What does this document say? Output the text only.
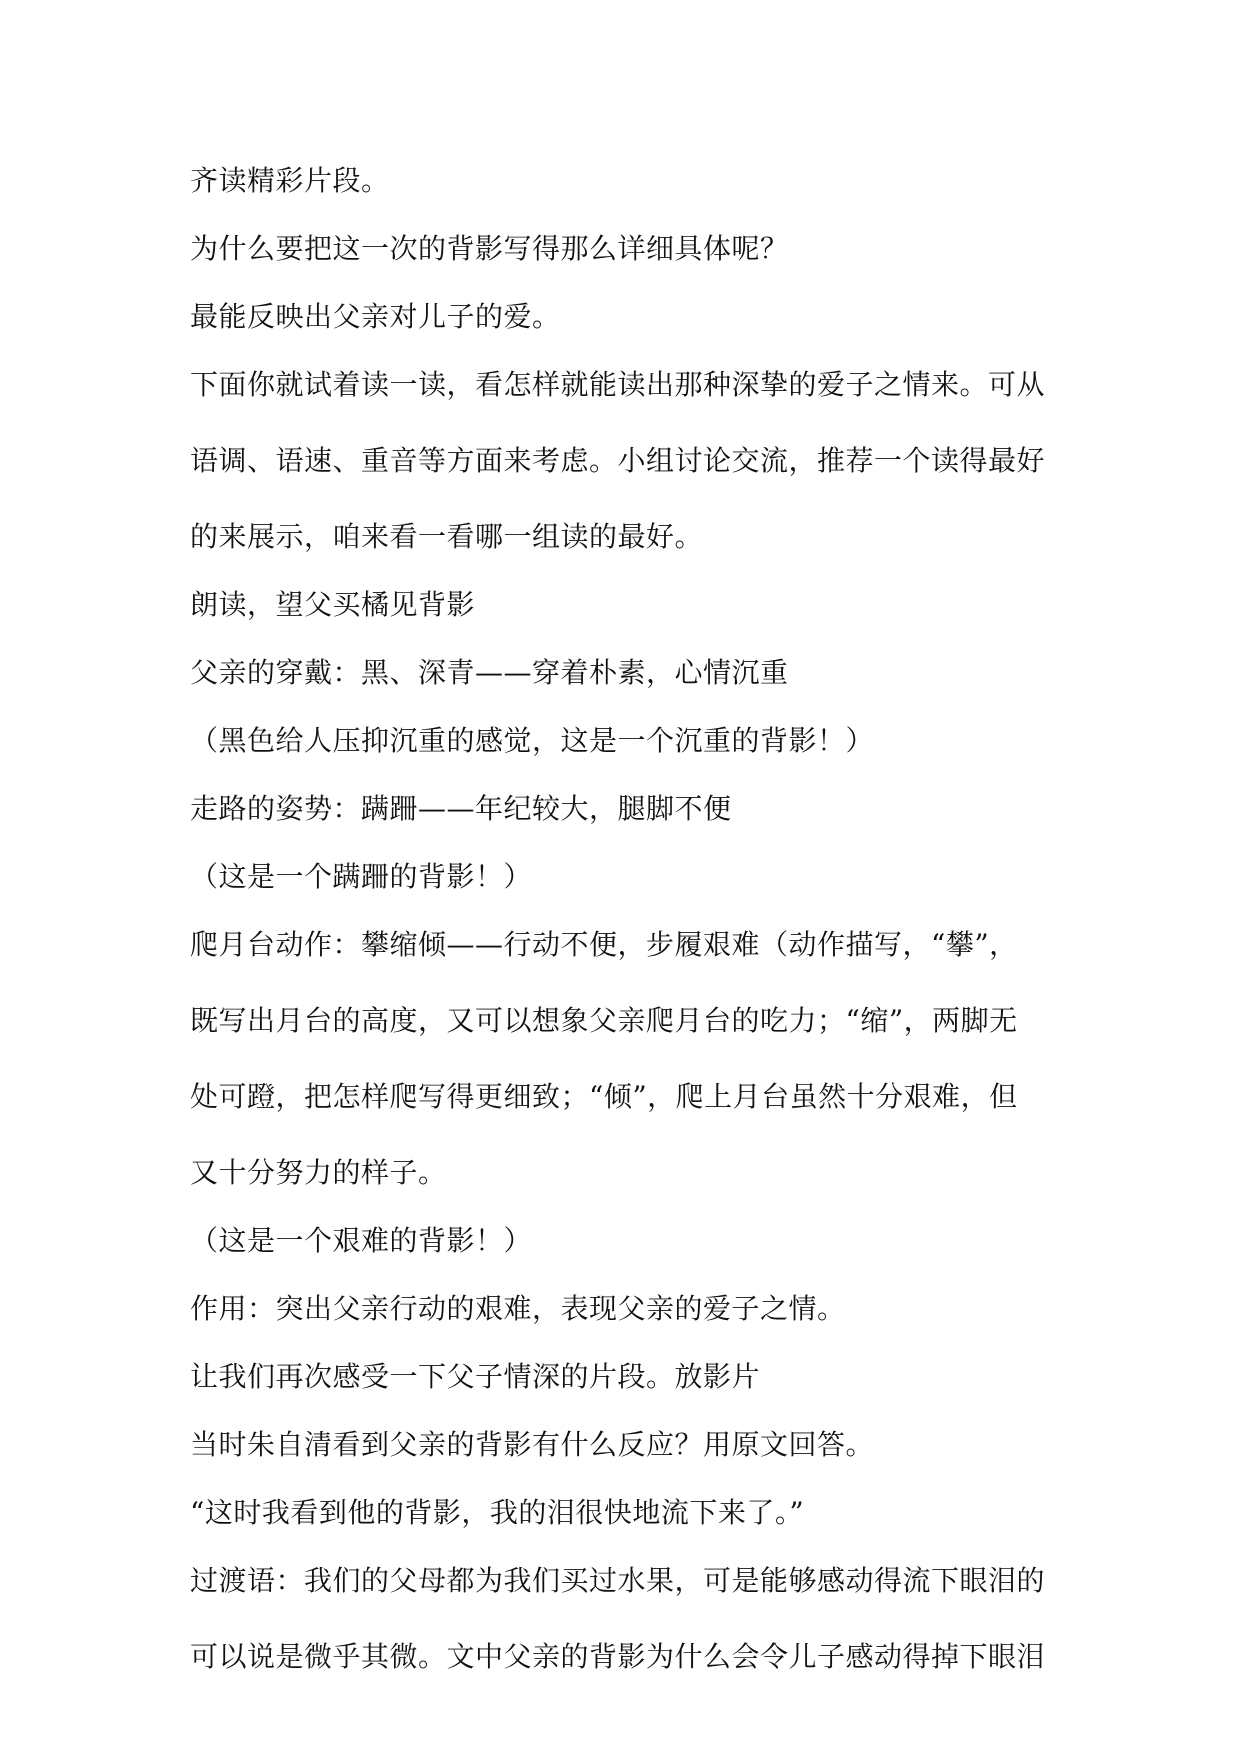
齐读精彩片段。
为什么要把这一次的背影写得那么详细具体呢？
最能反映出父亲对儿子的爱。
下面你就试着读一读，看怎样就能读出那种深挚的爱子之情来。可从
语调、语速、重音等方面来考虑。小组讨论交流，推荐一个读得最好
的来展示，咱来看一看哪一组读的最好。
朗读，望父买橘见背影
父亲的穿戴：黑、深青——穿着朴素，心情沉重
（黑色给人压抑沉重的感觉，这是一个沉重的背影！）
走路的姿势：蹒跚——年纪较大，腿脚不便
（这是一个蹒跚的背影！）
爬月台动作：攀缩倾——行动不便，步履艰难（动作描写，“攀”，
既写出月台的高度，又可以想象父亲爬月台的吃力；“缩”，两脚无
处可蹬，把怎样爬写得更细致；“倾”，爬上月台虽然十分艰难，但
又十分努力的样子。
（这是一个艰难的背影！）
作用：突出父亲行动的艰难，表现父亲的爱子之情。
让我们再次感受一下父子情深的片段。放影片
当时朱自清看到父亲的背影有什么反应？用原文回答。
“这时我看到他的背影，我的泪很快地流下来了。”
过渡语：我们的父母都为我们买过水果，可是能够感动得流下眼泪的
可以说是微乎其微。文中父亲的背影为什么会令儿子感动得掉下眼泪
